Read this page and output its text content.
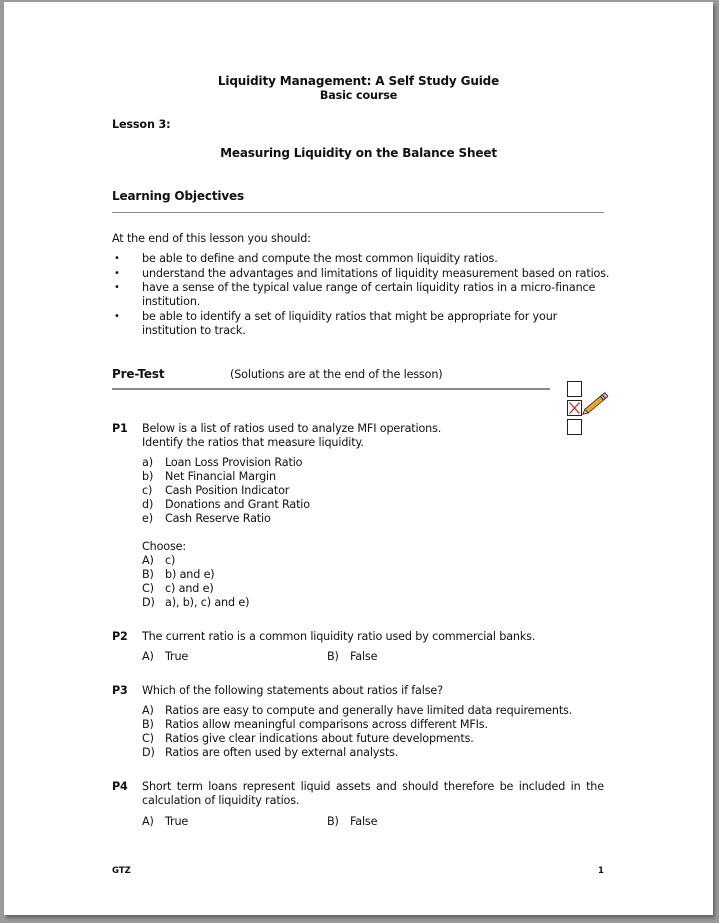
Liquidity Management: A Self Study Guide
Basic course
Lesson 3:
Measuring Liquidity on the Balance Sheet
Learning Objectives
At the end of this lesson you should:
• be able to define and compute the most common liquidity ratios.
• understand the advantages and limitations of liquidity measurement based on ratios.
• have a sense of the typical value range of certain liquidity ratios in a micro-finance
institution.
• be able to identify a set of liquidity ratios that might be appropriate for your
institution to track.
Pre-Test	(Solutions are at the end of the lesson)
P1 Below is a list of ratios used to analyze MFI operations.
Identify the ratios that measure liquidity.
a) Loan Loss Provision Ratio
b) Net Financial Margin
c) Cash Position Indicator
d) Donations and Grant Ratio
e) Cash Reserve Ratio
Choose:
A) c)
B) b) and e)
C) c) and e)
D) a), b), c) and e)
P2 The current ratio is a common liquidity ratio used by commercial banks.
A) True	B) False
P3 Which of the following statements about ratios if false?
A) Ratios are easy to compute and generally have limited data requirements.
B) Ratios allow meaningful comparisons across different MFIs.
C) Ratios give clear indications about future developments.
D) Ratios are often used by external analysts.
P4 Short term loans represent liquid assets and should therefore be included in the
calculation of liquidity ratios.
A) True	B) False
GTZ	1
